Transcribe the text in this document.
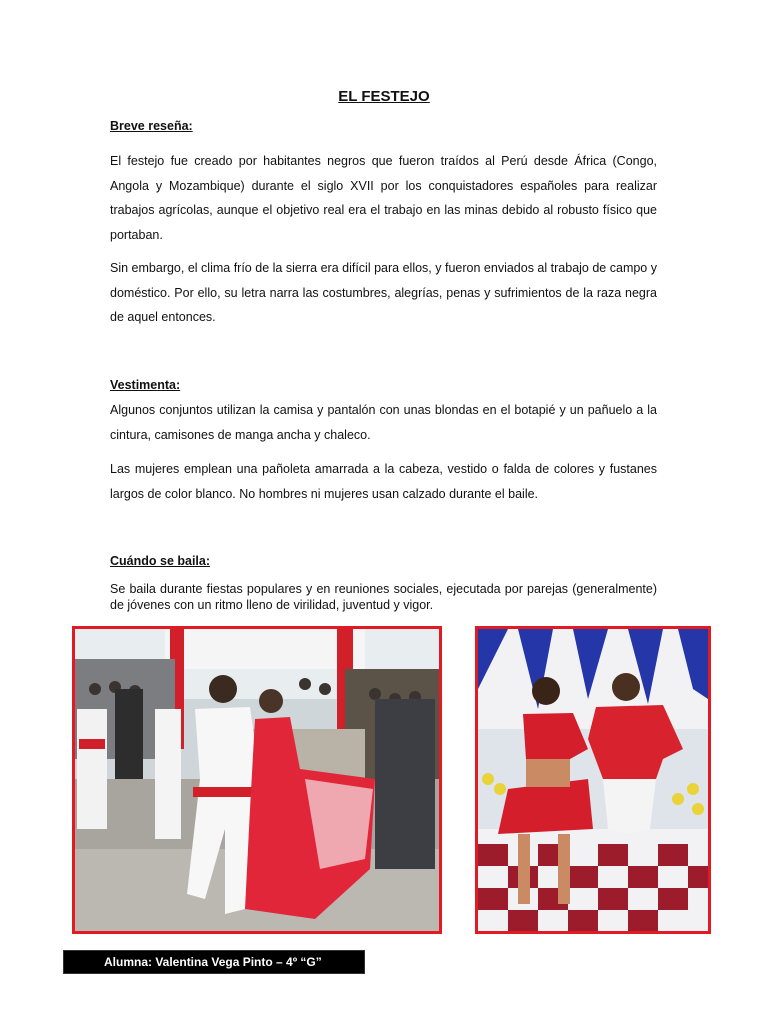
EL FESTEJO
Breve reseña:

El festejo fue creado por habitantes negros que fueron traídos al Perú desde África (Congo, Angola y Mozambique) durante el siglo XVII por los conquistadores españoles para realizar trabajos agrícolas, aunque el objetivo real era el trabajo en las minas debido al robusto físico que portaban.

Sin embargo, el clima frío de la sierra era difícil para ellos, y fueron enviados al trabajo de campo y doméstico. Por ello, su letra narra las costumbres, alegrías, penas y sufrimientos de la raza negra de aquel entonces.

Vestimenta:

Algunos conjuntos utilizan la camisa y pantalón con unas blondas en el botapié y un pañuelo a la cintura, camisones de manga ancha y chaleco.

Las mujeres emplean una pañoleta amarrada a la cabeza, vestido o falda de colores y fustanes largos de color blanco. No hombres ni mujeres usan calzado durante el baile.

Cuándo se baila:

Se baila durante fiestas populares y en reuniones sociales, ejecutada por parejas (generalmente) de jóvenes con un ritmo lleno de virilidad, juventud y vigor.

Alumna: Valentina Vega Pinto – 4º “G”
